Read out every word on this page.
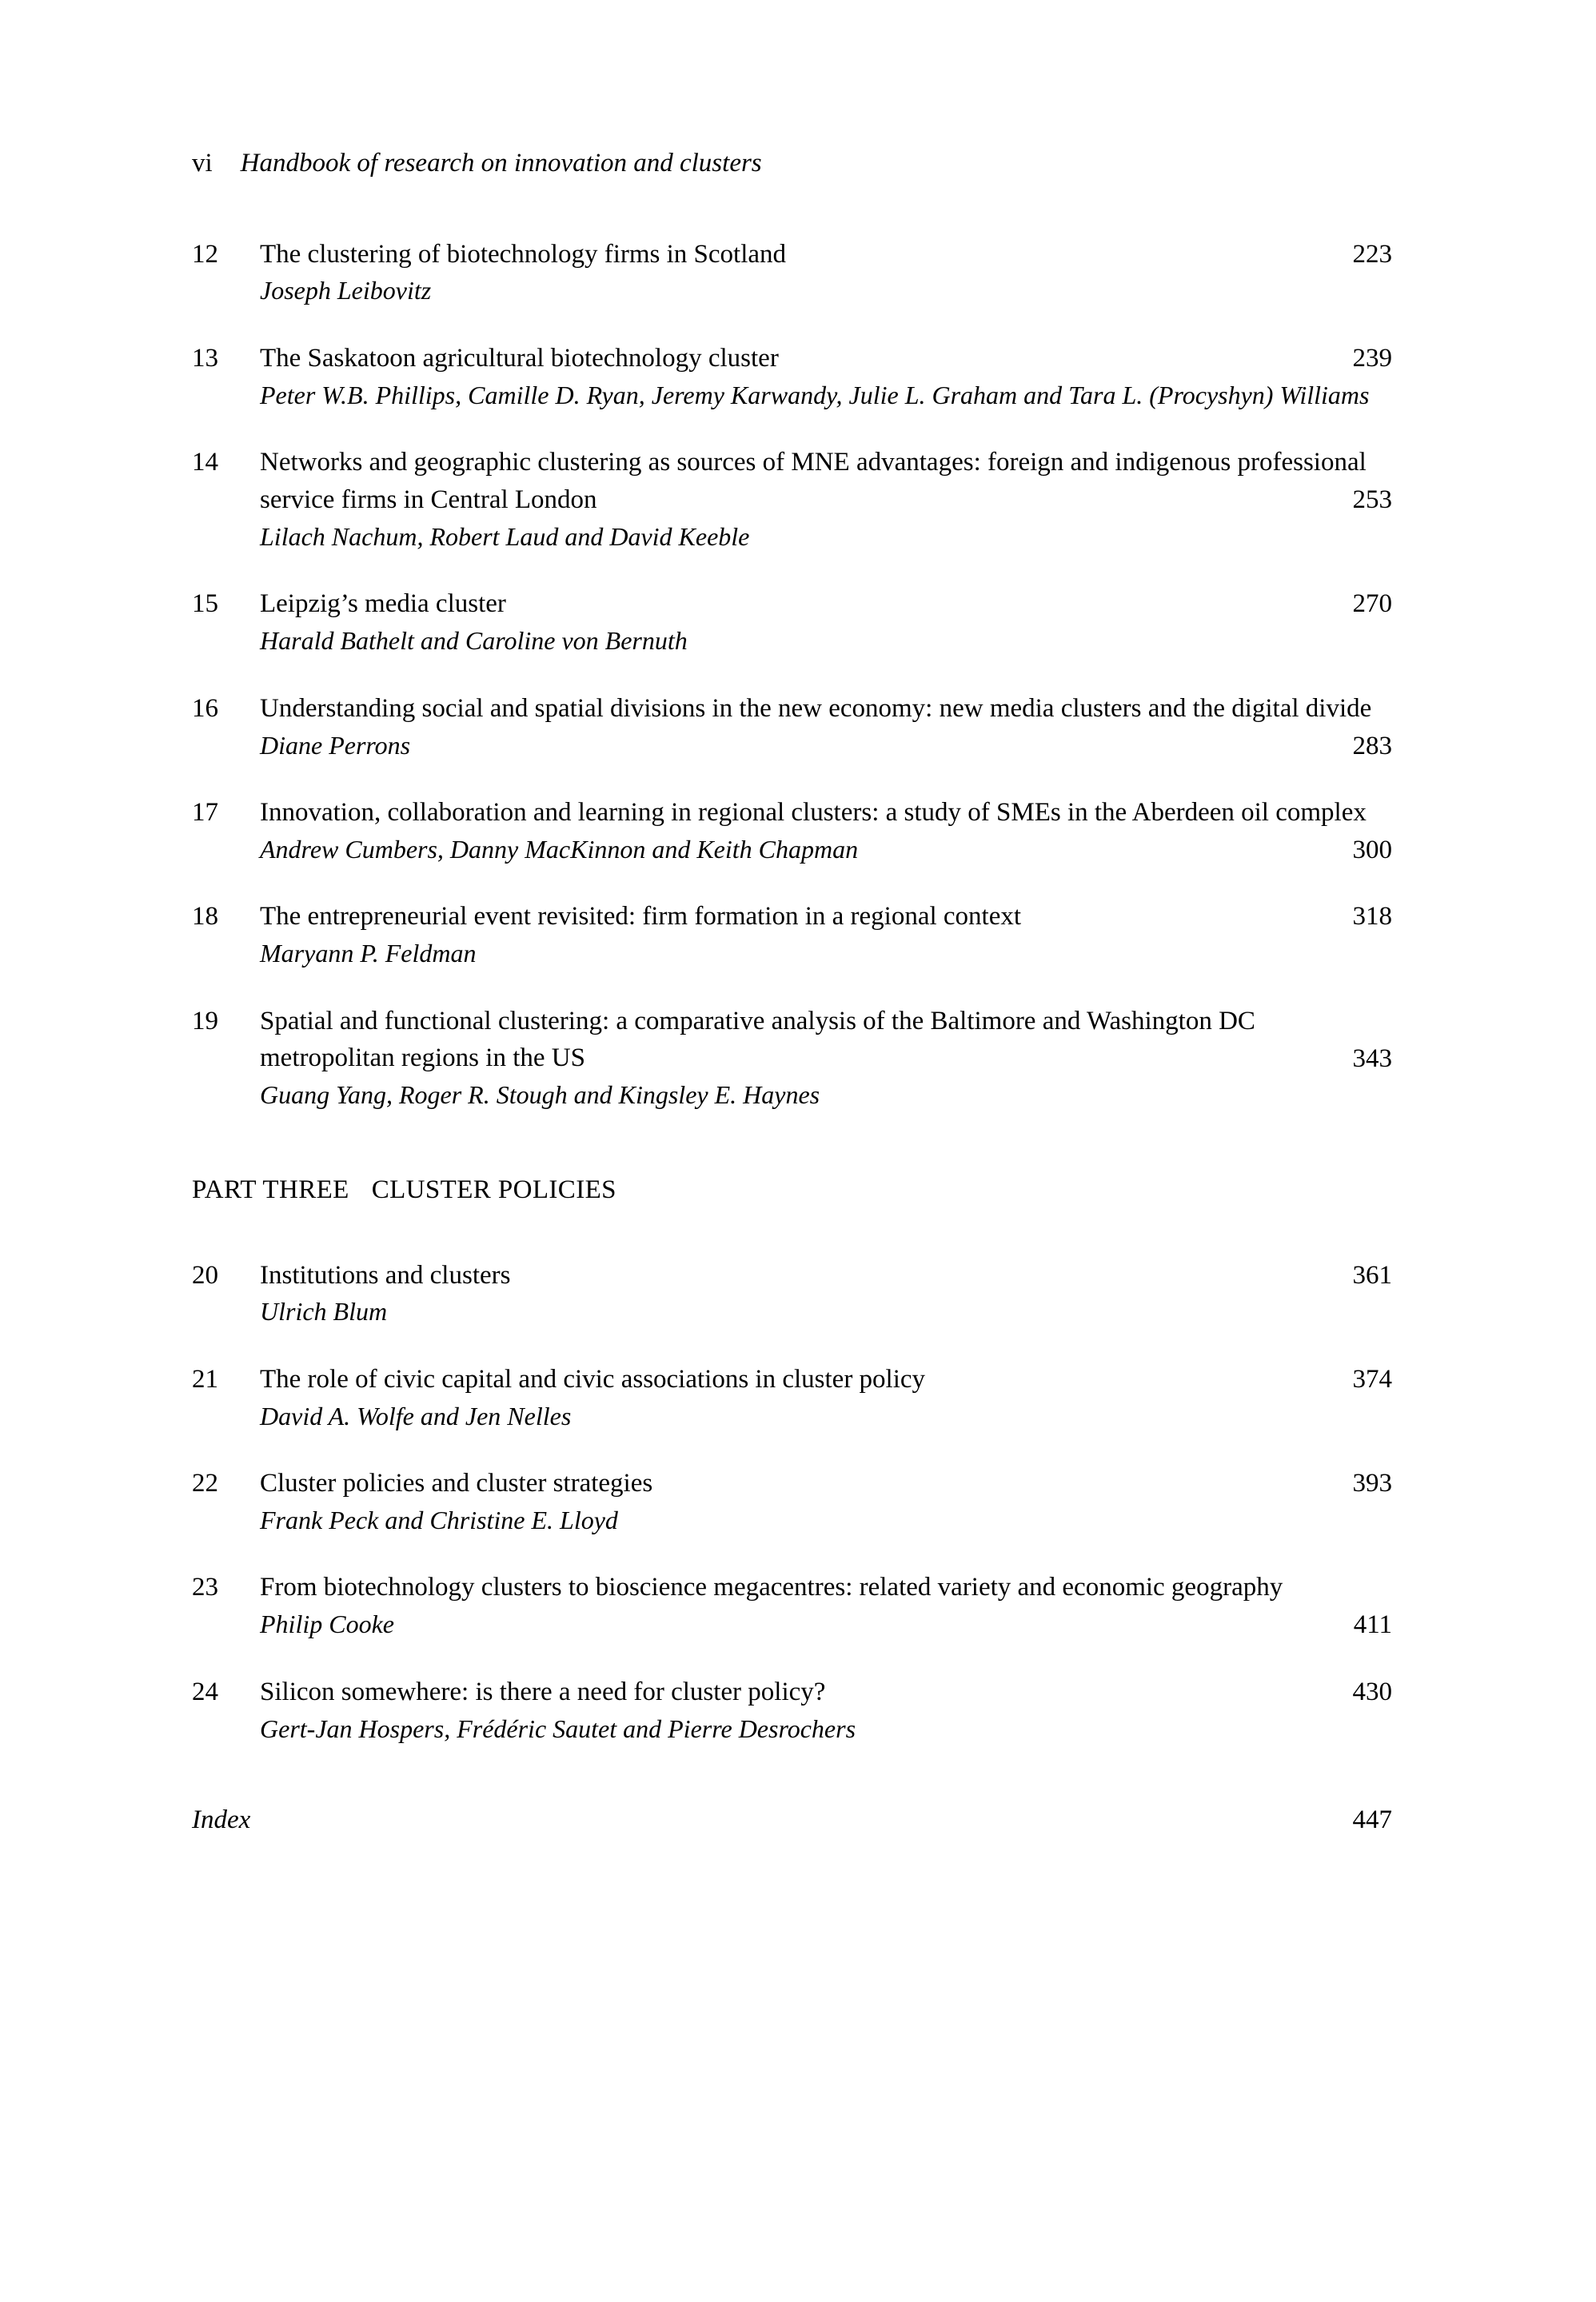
vi Handbook of research on innovation and clusters
12	The clustering of biotechnology firms in Scotland
Joseph Leibovitz
223
13	The Saskatoon agricultural biotechnology cluster
Peter W.B. Phillips, Camille D. Ryan, Jeremy Karwandy, Julie L. Graham and Tara L. (Procyshyn) Williams
239
14	Networks and geographic clustering as sources of MNE advantages: foreign and indigenous professional service firms in Central London
Lilach Nachum, Robert Laud and David Keeble
253
15	Leipzig’s media cluster
Harald Bathelt and Caroline von Bernuth
270
16	Understanding social and spatial divisions in the new economy: new media clusters and the digital divide
Diane Perrons	283
17	Innovation, collaboration and learning in regional clusters: a study of SMEs in the Aberdeen oil complex
Andrew Cumbers, Danny MacKinnon and Keith Chapman	300
18	The entrepreneurial event revisited: firm formation in a regional context
Maryann P. Feldman
318
19	Spatial and functional clustering: a comparative analysis of the Baltimore and Washington DC metropolitan regions in the US
Guang Yang, Roger R. Stough and Kingsley E. Haynes
343
PART THREE CLUSTER POLICIES
20	Institutions and clusters
Ulrich Blum
361
21	The role of civic capital and civic associations in cluster policy
David A. Wolfe and Jen Nelles
374
22	Cluster policies and cluster strategies
Frank Peck and Christine E. Lloyd
393
23	From biotechnology clusters to bioscience megacentres: related variety and economic geography
Philip Cooke	411
24	Silicon somewhere: is there a need for cluster policy?
Gert-Jan Hospers, Frédéric Sautet and Pierre Desrochers
430
Index	447
